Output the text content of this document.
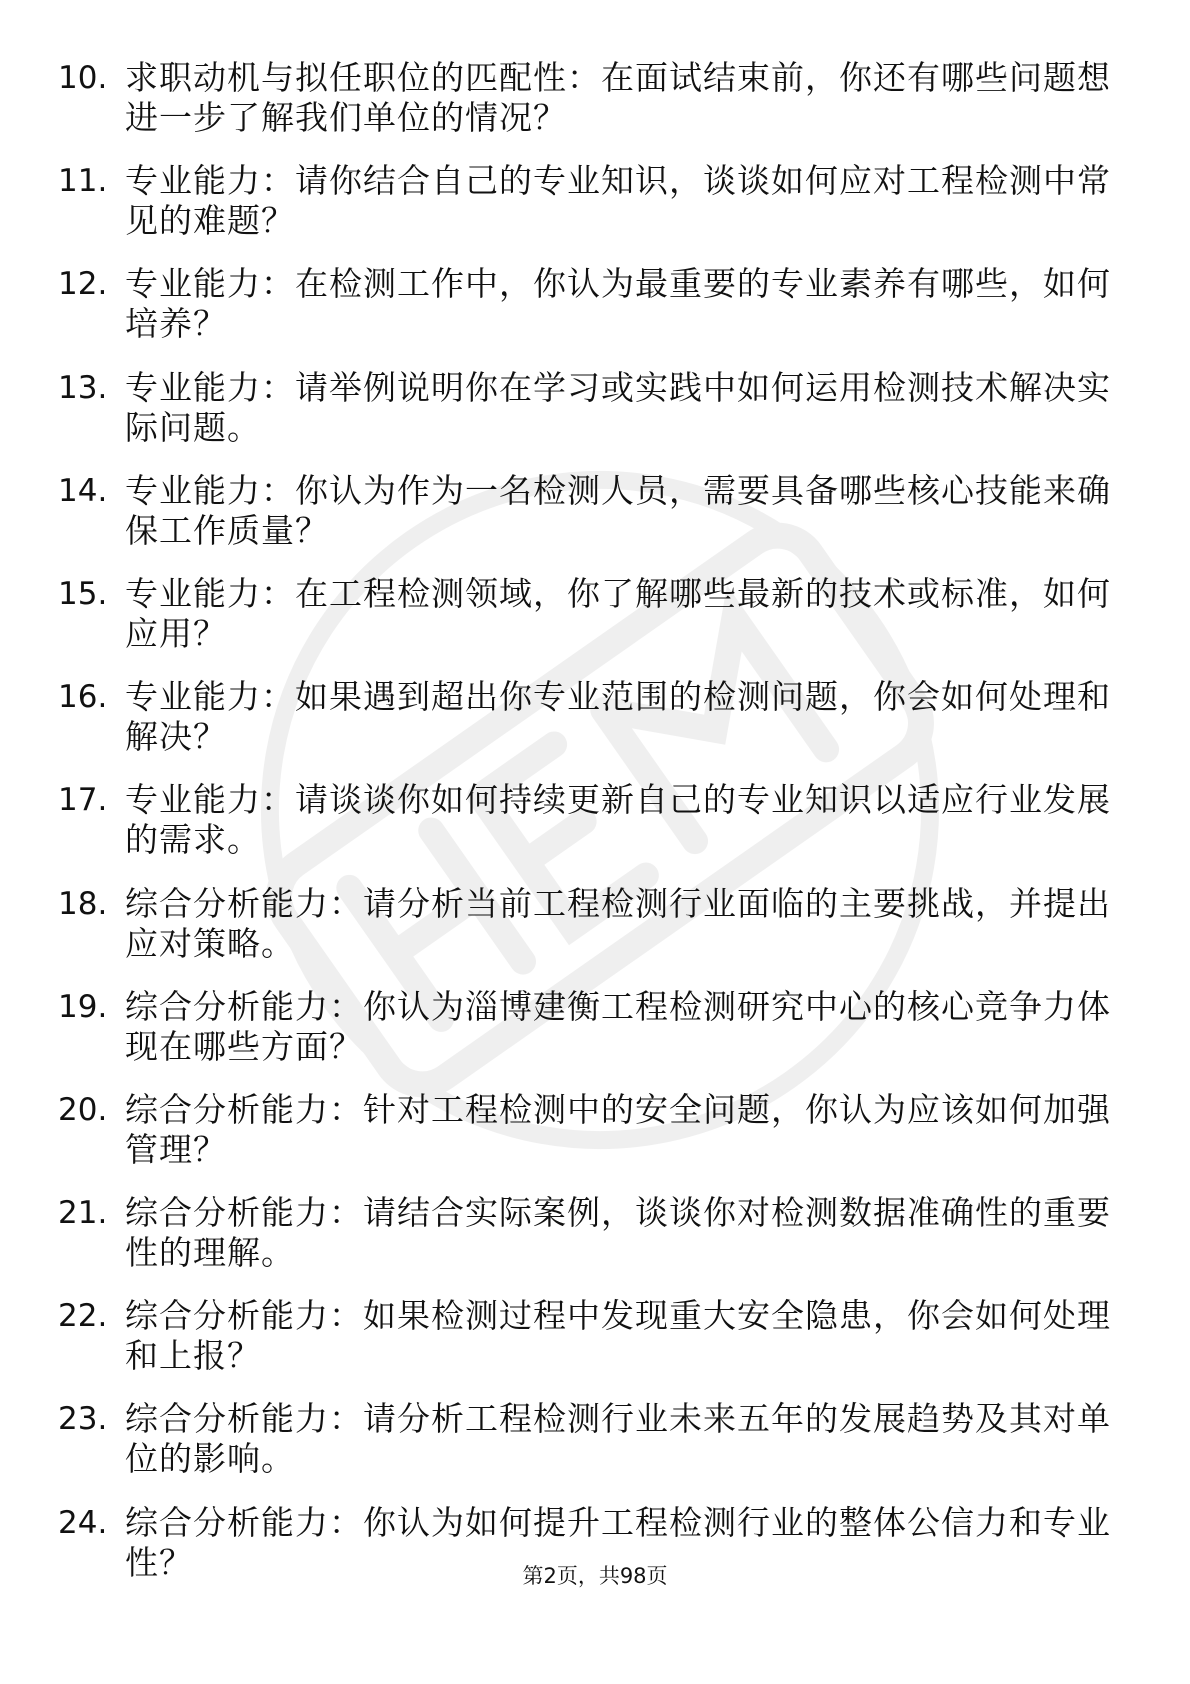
10. 求职动机与拟任职位的匹配性：在面试结束前，你还有哪些问题想进一步了解我们单位的情况？
11. 专业能力：请你结合自己的专业知识，谈谈如何应对工程检测中常见的难题？
12. 专业能力：在检测工作中，你认为最重要的专业素养有哪些，如何培养？
13. 专业能力：请举例说明你在学习或实践中如何运用检测技术解决实际问题。
14. 专业能力：你认为作为一名检测人员，需要具备哪些核心技能来确保工作质量？
15. 专业能力：在工程检测领域，你了解哪些最新的技术或标准，如何应用？
16. 专业能力：如果遇到超出你专业范围的检测问题，你会如何处理和解决？
17. 专业能力：请谈谈你如何持续更新自己的专业知识以适应行业发展的需求。
18. 综合分析能力：请分析当前工程检测行业面临的主要挑战，并提出应对策略。
19. 综合分析能力：你认为淄博建衡工程检测研究中心的核心竞争力体现在哪些方面？
20. 综合分析能力：针对工程检测中的安全问题，你认为应该如何加强管理？
21. 综合分析能力：请结合实际案例，谈谈你对检测数据准确性的重要性的理解。
22. 综合分析能力：如果检测过程中发现重大安全隐患，你会如何处理和上报？
23. 综合分析能力：请分析工程检测行业未来五年的发展趋势及其对单位的影响。
24. 综合分析能力：你认为如何提升工程检测行业的整体公信力和专业性？	第2页，共98页
